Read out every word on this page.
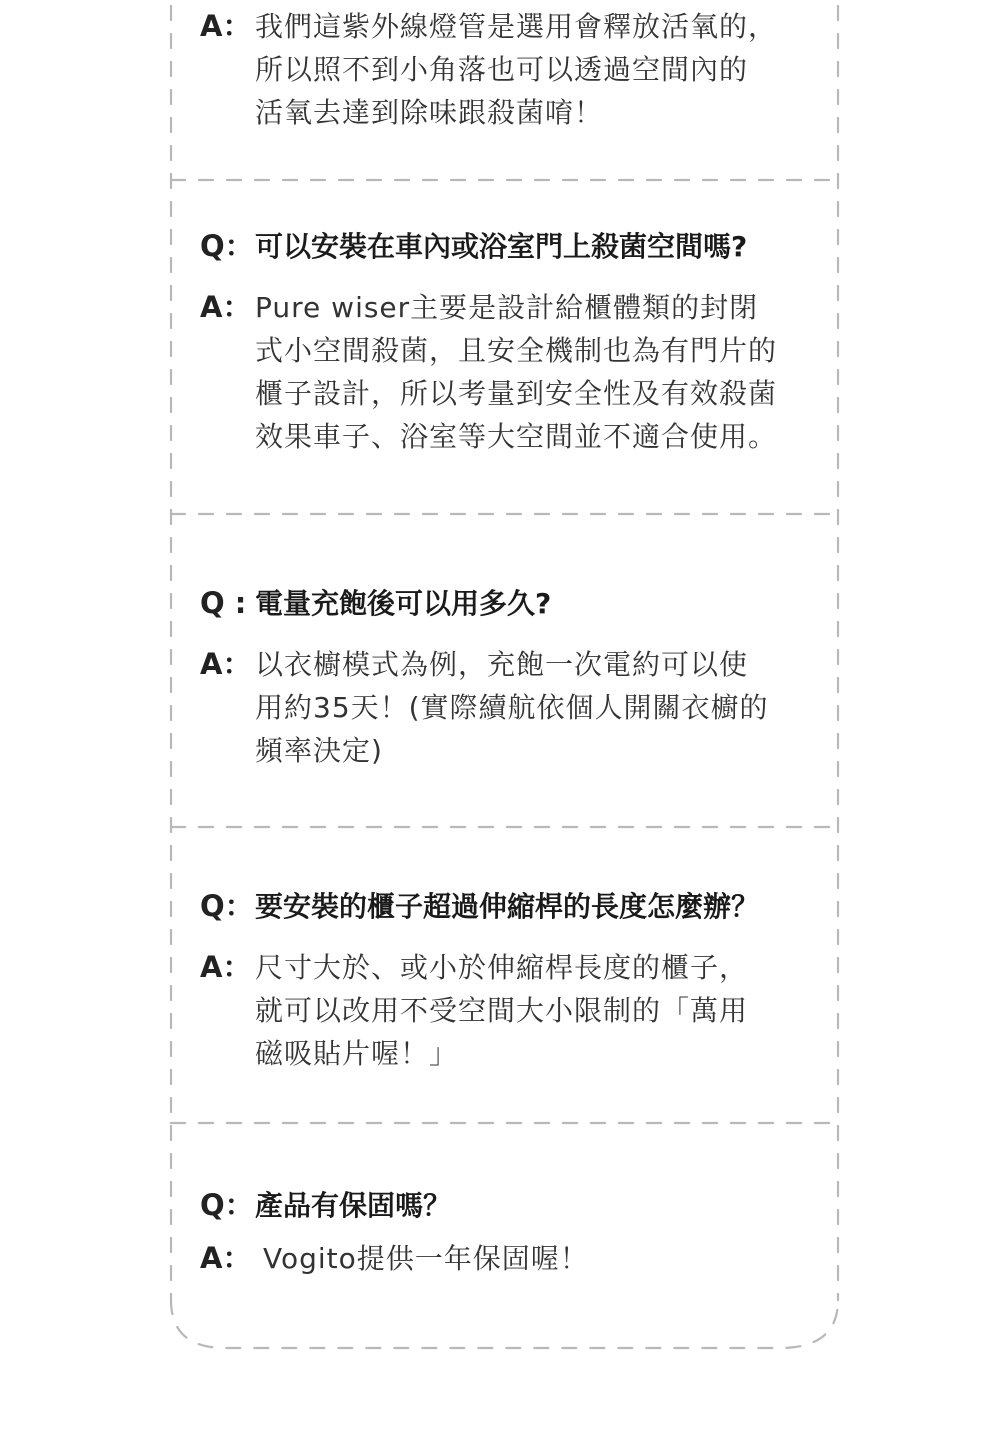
A： 我們這紫外線燈管是選用會釋放活氧的，
所以照不到小角落也可以透過空間內的
活氧去達到除味跟殺菌唷！
Q： 可以安裝在車內或浴室門上殺菌空間嗎?
A： Pure wiser主要是設計給櫃體類的封閉
式小空間殺菌，且安全機制也為有門片的
櫃子設計，所以考量到安全性及有效殺菌
效果車子、浴室等大空間並不適合使用。
Q : 電量充飽後可以用多久?
A： 以衣櫥模式為例，充飽一次電約可以使
用約35天！(實際續航依個人開關衣櫥的
頻率決定)
Q： 要安裝的櫃子超過伸縮桿的長度怎麼辦？
A： 尺寸大於、或小於伸縮桿長度的櫃子，
就可以改用不受空間大小限制的「萬用
磁吸貼片喔！」
Q： 產品有保固嗎？
A： Vogito提供一年保固喔！
